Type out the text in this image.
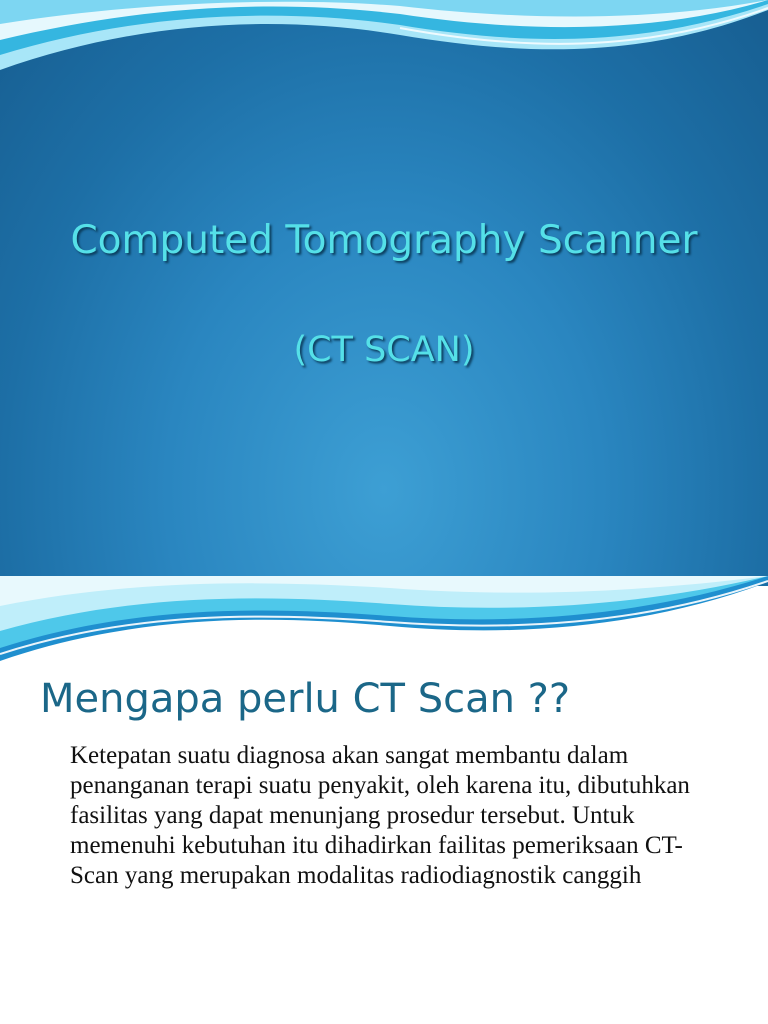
Computed Tomography Scanner
(CT SCAN)
Mengapa perlu CT Scan ??

Ketepatan suatu diagnosa akan sangat membantu dalam penanganan terapi suatu penyakit, oleh karena itu, dibutuhkan fasilitas yang dapat menunjang prosedur tersebut. Untuk memenuhi kebutuhan itu dihadirkan failitas pemeriksaan CT-Scan yang merupakan modalitas radiodiagnostik canggih
